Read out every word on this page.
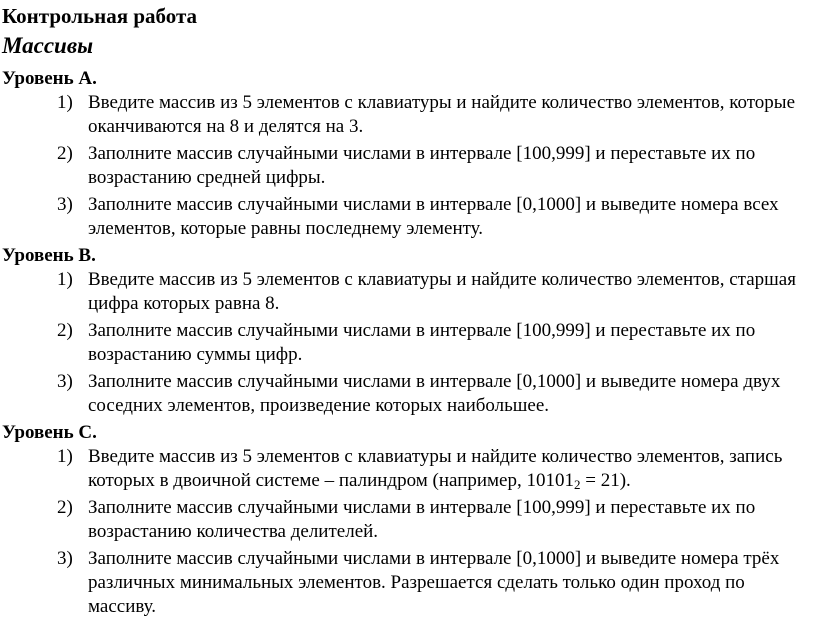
Контрольная работа
Массивы
Уровень A.
1) Введите массив из 5 элементов с клавиатуры и найдите количество элементов, которые оканчиваются на 8 и делятся на 3.
2) Заполните массив случайными числами в интервале [100,999] и переставьте их по возрастанию средней цифры.
3) Заполните массив случайными числами в интервале [0,1000] и выведите номера всех элементов, которые равны последнему элементу.
Уровень B.
1) Введите массив из 5 элементов с клавиатуры и найдите количество элементов, старшая цифра которых равна 8.
2) Заполните массив случайными числами в интервале [100,999] и переставьте их по возрастанию суммы цифр.
3) Заполните массив случайными числами в интервале [0,1000] и выведите номера двух соседних элементов, произведение которых наибольшее.
Уровень C.
1) Введите массив из 5 элементов с клавиатуры и найдите количество элементов, запись которых в двоичной системе – палиндром (например, $10101_2 = 21$).
2) Заполните массив случайными числами в интервале [100,999] и переставьте их по возрастанию количества делителей.
3) Заполните массив случайными числами в интервале [0,1000] и выведите номера трёх различных минимальных элементов. Разрешается сделать только один проход по массиву.
